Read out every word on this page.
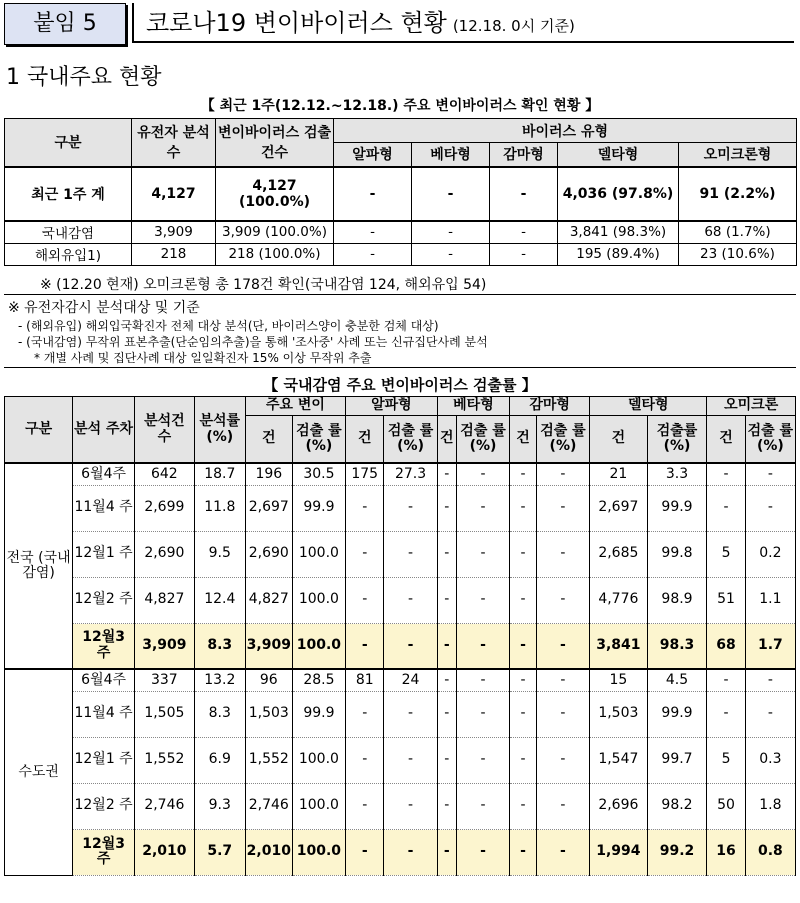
붙임 5	코로나19 변이바이러스 현황 (12.18. 0시 기준)
1 국내주요 현황
【 최근 1주(12.12.~12.18.) 주요 변이바이러스 확인 현황 】
구분	유전자 분석 수	변이바이러스 검출 건수	바이러스 유형				
			알파형	베타형	감마형	델타형	오미크론형
최근 1주 계	4,127	4,127 (100.0%)	-	-	-	4,036 (97.8%)	91 (2.2%)
국내감염	3,909	3,909 (100.0%)	-	-	-	3,841 (98.3%)	68 (1.7%)
해외유입1)	218	218 (100.0%)	-	-	-	195 (89.4%)	23 (10.6%)
※ (12.20 현재) 오미크론형 총 178건 확인(국내감염 124, 해외유입 54)
※ 유전자감시 분석대상 및 기준
- (해외유입) 해외입국확진자 전체 대상 분석(단, 바이러스양이 충분한 검체 대상)
- (국내감염) 무작위 표본추출(단순임의추출)을 통해 '조사중' 사례 또는 신규집단사례 분석
* 개별 사례 및 집단사례 대상 일일확진자 15% 이상 무작위 추출
【 국내감염 주요 변이바이러스 검출률 】
구분	분석 주차	분석건 수	분석률 (%)	주요 변이		알파형		베타형		감마형		델타형		오미크론	
				건	검출 률(%)	건	검출 률(%)	건	검출 률(%)	건	검출 률(%)	건	검출률 (%)	건	검출 률(%)
전국 (국내 감염)	6월4주	642	18.7	196	30.5	175	27.3	-	-	-	-	21	3.3	-	-
	11월4 주	2,699	11.8	2,697	99.9	-	-	-	-	-	-	2,697	99.9	-	-
	12월1 주	2,690	9.5	2,690	100.0	-	-	-	-	-	-	2,685	99.8	5	0.2
	12월2 주	4,827	12.4	4,827	100.0	-	-	-	-	-	-	4,776	98.9	51	1.1
	12월3 주	3,909	8.3	3,909	100.0	-	-	-	-	-	-	3,841	98.3	68	1.7
수도권	6월4주	337	13.2	96	28.5	81	24	-	-	-	-	15	4.5	-	-
	11월4 주	1,505	8.3	1,503	99.9	-	-	-	-	-	-	1,503	99.9	-	-
	12월1 주	1,552	6.9	1,552	100.0	-	-	-	-	-	-	1,547	99.7	5	0.3
	12월2 주	2,746	9.3	2,746	100.0	-	-	-	-	-	-	2,696	98.2	50	1.8
	12월3 주	2,010	5.7	2,010	100.0	-	-	-	-	-	-	1,994	99.2	16	0.8
